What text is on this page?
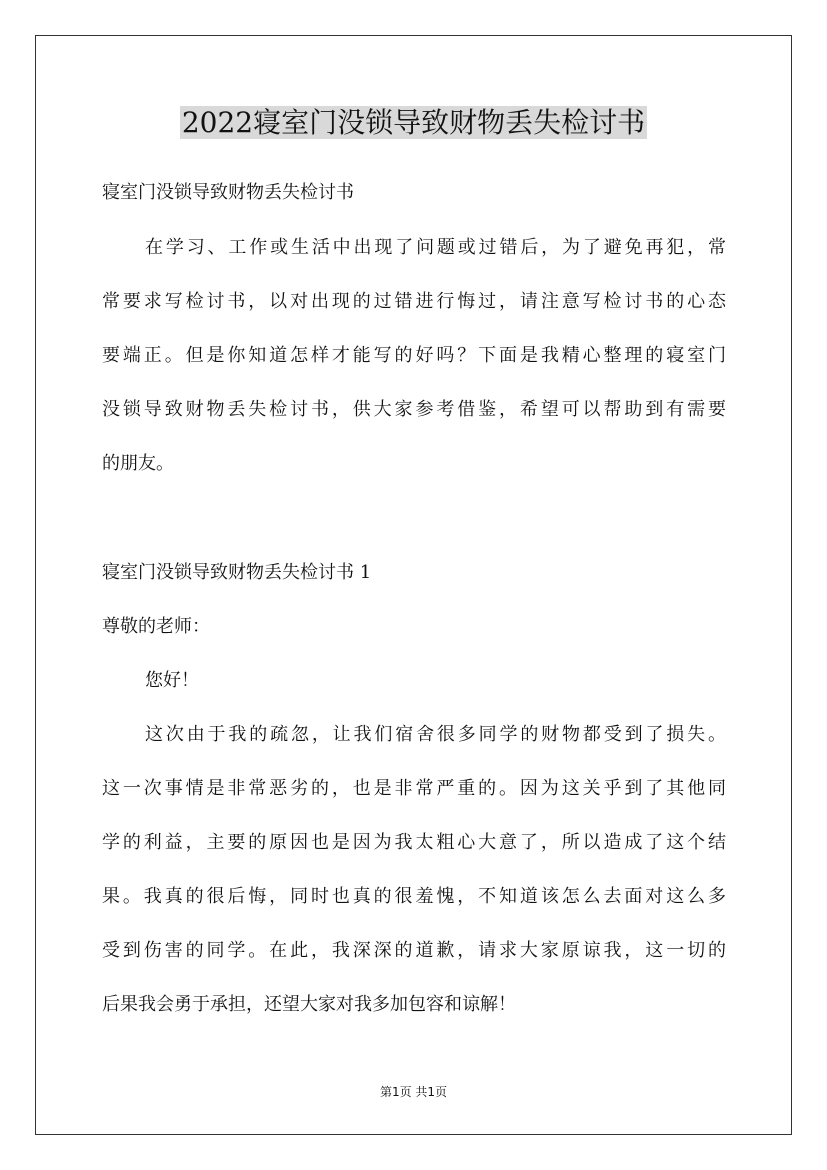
2022寝室门没锁导致财物丢失检讨书

寝室门没锁导致财物丢失检讨书

在学习、工作或生活中出现了问题或过错后，为了避免再犯，常

常要求写检讨书，以对出现的过错进行悔过，请注意写检讨书的心态

要端正。但是你知道怎样才能写的好吗？下面是我精心整理的寝室门

没锁导致财物丢失检讨书，供大家参考借鉴，希望可以帮助到有需要

的朋友。

寝室门没锁导致财物丢失检讨书 1

尊敬的老师：

您好！

这次由于我的疏忽，让我们宿舍很多同学的财物都受到了损失。

这一次事情是非常恶劣的，也是非常严重的。因为这关乎到了其他同

学的利益，主要的原因也是因为我太粗心大意了，所以造成了这个结

果。我真的很后悔，同时也真的很羞愧，不知道该怎么去面对这么多

受到伤害的同学。在此，我深深的道歉，请求大家原谅我，这一切的

后果我会勇于承担，还望大家对我多加包容和谅解！

第1页 共1页
